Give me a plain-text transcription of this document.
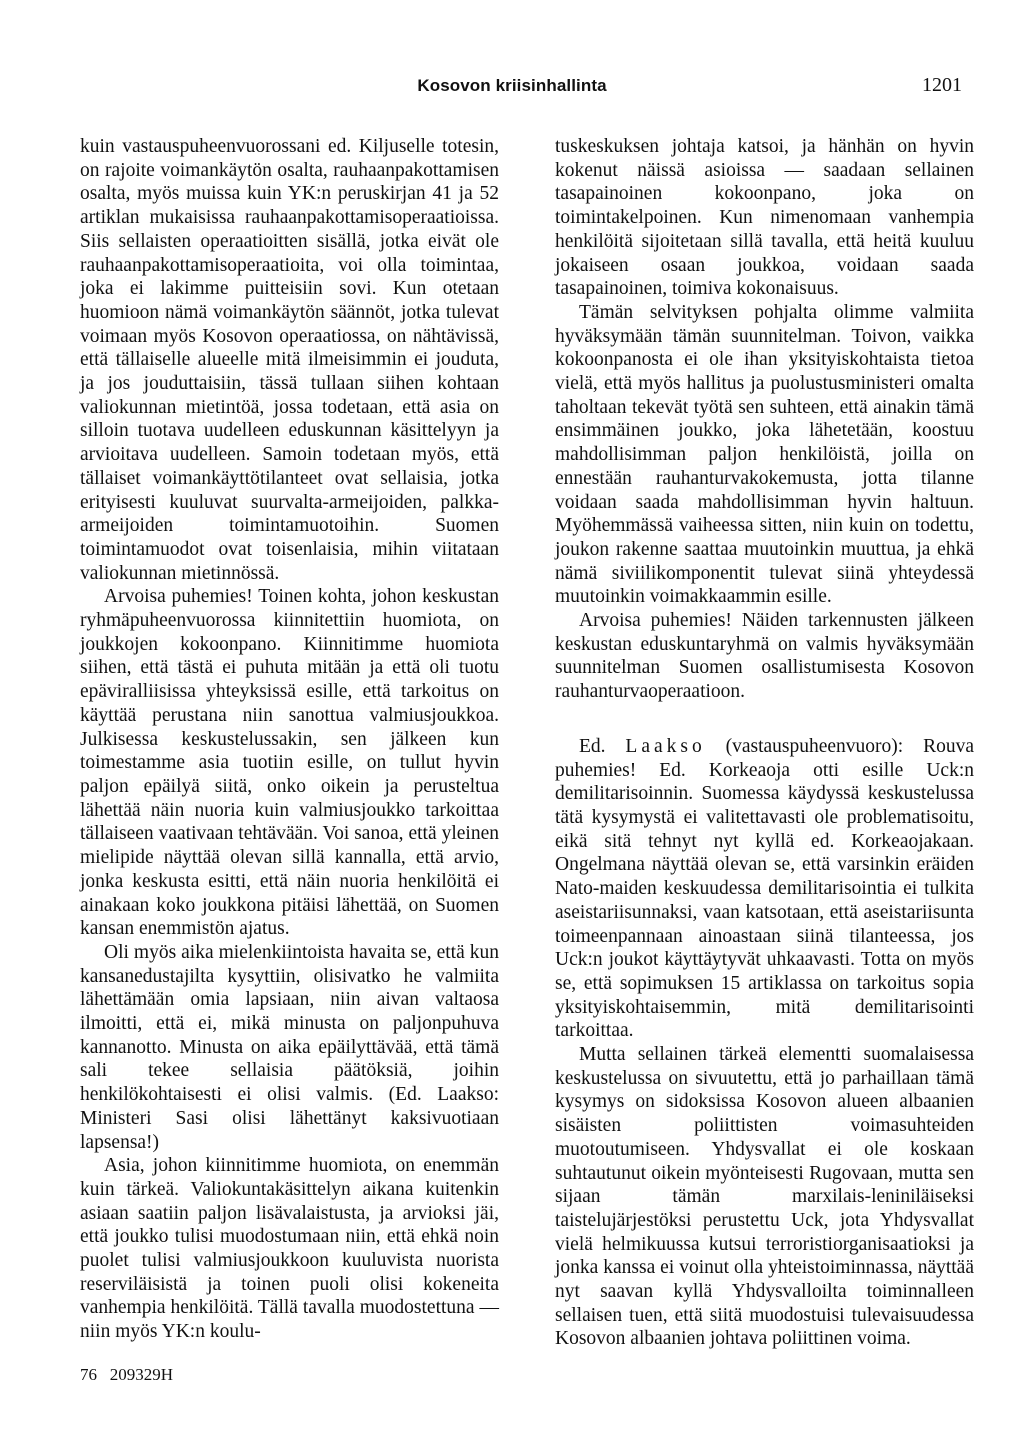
Kosovon kriisinhallinta	1201

kuin vastauspuheenvuorossani ed. Kiljuselle totesin, on rajoite voimankäytön osalta, rauhaanpakottamisen osalta, myös muissa kuin YK:n peruskirjan 41 ja 52 artiklan mukaisissa rauhaanpakottamisoperaatioissa. Siis sellaisten operaatioitten sisällä, jotka eivät ole rauhaanpakottamisoperaatioita, voi olla toimintaa, joka ei lakimme puitteisiin sovi. Kun otetaan huomioon nämä voimankäytön säännöt, jotka tulevat voimaan myös Kosovon operaatiossa, on nähtävissä, että tällaiselle alueelle mitä ilmeisimmin ei jouduta, ja jos jouduttaisiin, tässä tullaan siihen kohtaan valiokunnan mietintöä, jossa todetaan, että asia on silloin tuotava uudelleen eduskunnan käsittelyyn ja arvioitava uudelleen. Samoin todetaan myös, että tällaiset voimankäyttötilanteet ovat sellaisia, jotka erityisesti kuuluvat suurvalta-armeijoiden, palkka-armeijoiden toimintamuotoihin. Suomen toimintamuodot ovat toisenlaisia, mihin viitataan valiokunnan mietinnössä.

Arvoisa puhemies! Toinen kohta, johon keskustan ryhmäpuheenvuorossa kiinnitettiin huomiota, on joukkojen kokoonpano. Kiinnitimme huomiota siihen, että tästä ei puhuta mitään ja että oli tuotu epäviralliisissa yhteyksissä esille, että tarkoitus on käyttää perustana niin sanottua valmiusjoukkoa. Julkisessa keskustelussakin, sen jälkeen kun toimestamme asia tuotiin esille, on tullut hyvin paljon epäilyä siitä, onko oikein ja perusteltua lähettää näin nuoria kuin valmiusjoukko tarkoittaa tällaiseen vaativaan tehtävään. Voi sanoa, että yleinen mielipide näyttää olevan sillä kannalla, että arvio, jonka keskusta esitti, että näin nuoria henkilöitä ei ainakaan koko joukkona pitäisi lähettää, on Suomen kansan enemmistön ajatus.

Oli myös aika mielenkiintoista havaita se, että kun kansanedustajilta kysyttiin, olisivatko he valmiita lähettämään omia lapsiaan, niin aivan valtaosa ilmoitti, että ei, mikä minusta on paljonpuhuva kannanotto. Minusta on aika epäilyttävää, että tämä sali tekee sellaisia päätöksiä, joihin henkilökohtaisesti ei olisi valmis. (Ed. Laakso: Ministeri Sasi olisi lähettänyt kaksivuotiaan lapsensa!)

Asia, johon kiinnitimme huomiota, on enemmän kuin tärkeä. Valiokuntakäsittelyn aikana kuitenkin asiaan saatiin paljon lisävalaistusta, ja arvioksi jäi, että joukko tulisi muodostumaan niin, että ehkä noin puolet tulisi valmiusjoukkoon kuuluvista nuorista reserviläisistä ja toinen puoli olisi kokeneita vanhempia henkilöitä. Tällä tavalla muodostettuna — niin myös YK:n koulu-

tuskeskuksen johtaja katsoi, ja hänhän on hyvin kokenut näissä asioissa — saadaan sellainen tasapainoinen kokoonpano, joka on toimintakelpoinen. Kun nimenomaan vanhempia henkilöitä sijoitetaan sillä tavalla, että heitä kuuluu jokaiseen osaan joukkoa, voidaan saada tasapainoinen, toimiva kokonaisuus.

Tämän selvityksen pohjalta olimme valmiita hyväksymään tämän suunnitelman. Toivon, vaikka kokoonpanosta ei ole ihan yksityiskohtaista tietoa vielä, että myös hallitus ja puolustusministeri omalta taholtaan tekevät työtä sen suhteen, että ainakin tämä ensimmäinen joukko, joka lähetetään, koostuu mahdollisimman paljon henkilöistä, joilla on ennestään rauhanturvakokemusta, jotta tilanne voidaan saada mahdollisimman hyvin haltuun. Myöhemmässä vaiheessa sitten, niin kuin on todettu, joukon rakenne saattaa muutoinkin muuttua, ja ehkä nämä siviilikomponentit tulevat siinä yhteydessä muutoinkin voimakkaammin esille.

Arvoisa puhemies! Näiden tarkennusten jälkeen keskustan eduskuntaryhmä on valmis hyväksymään suunnitelman Suomen osallistumisesta Kosovon rauhanturvaoperaatioon.

Ed. Laakso (vastauspuheenvuoro): Rouva puhemies! Ed. Korkeaoja otti esille Uck:n demilitarisoinnin. Suomessa käydyssä keskustelussa tätä kysymystä ei valitettavasti ole problematisoitu, eikä sitä tehnyt nyt kyllä ed. Korkeaojakaan. Ongelmana näyttää olevan se, että varsinkin eräiden Nato-maiden keskuudessa demilitarisointia ei tulkita aseistariisunnaksi, vaan katsotaan, että aseistariisunta toimeenpannaan ainoastaan siinä tilanteessa, jos Uck:n joukot käyttäytyvät uhkaavasti. Totta on myös se, että sopimuksen 15 artiklassa on tarkoitus sopia yksityiskohtaisemmin, mitä demilitarisointi tarkoittaa.

Mutta sellainen tärkeä elementti suomalaisessa keskustelussa on sivuutettu, että jo parhaillaan tämä kysymys on sidoksissa Kosovon alueen albaanien sisäisten poliittisten voimasuhteiden muotoutumiseen. Yhdysvallat ei ole koskaan suhtautunut oikein myönteisesti Rugovaan, mutta sen sijaan tämän marxilais-leniniläiseksi taistelujärjestöksi perustettu Uck, jota Yhdysvallat vielä helmikuussa kutsui terroristiorganisaatioksi ja jonka kanssa ei voinut olla yhteistoiminnassa, näyttää nyt saavan kyllä Yhdysvalloilta toiminnalleen sellaisen tuen, että siitä muodostuisi tulevaisuudessa Kosovon albaanien johtava poliittinen voima.

76   209329H
